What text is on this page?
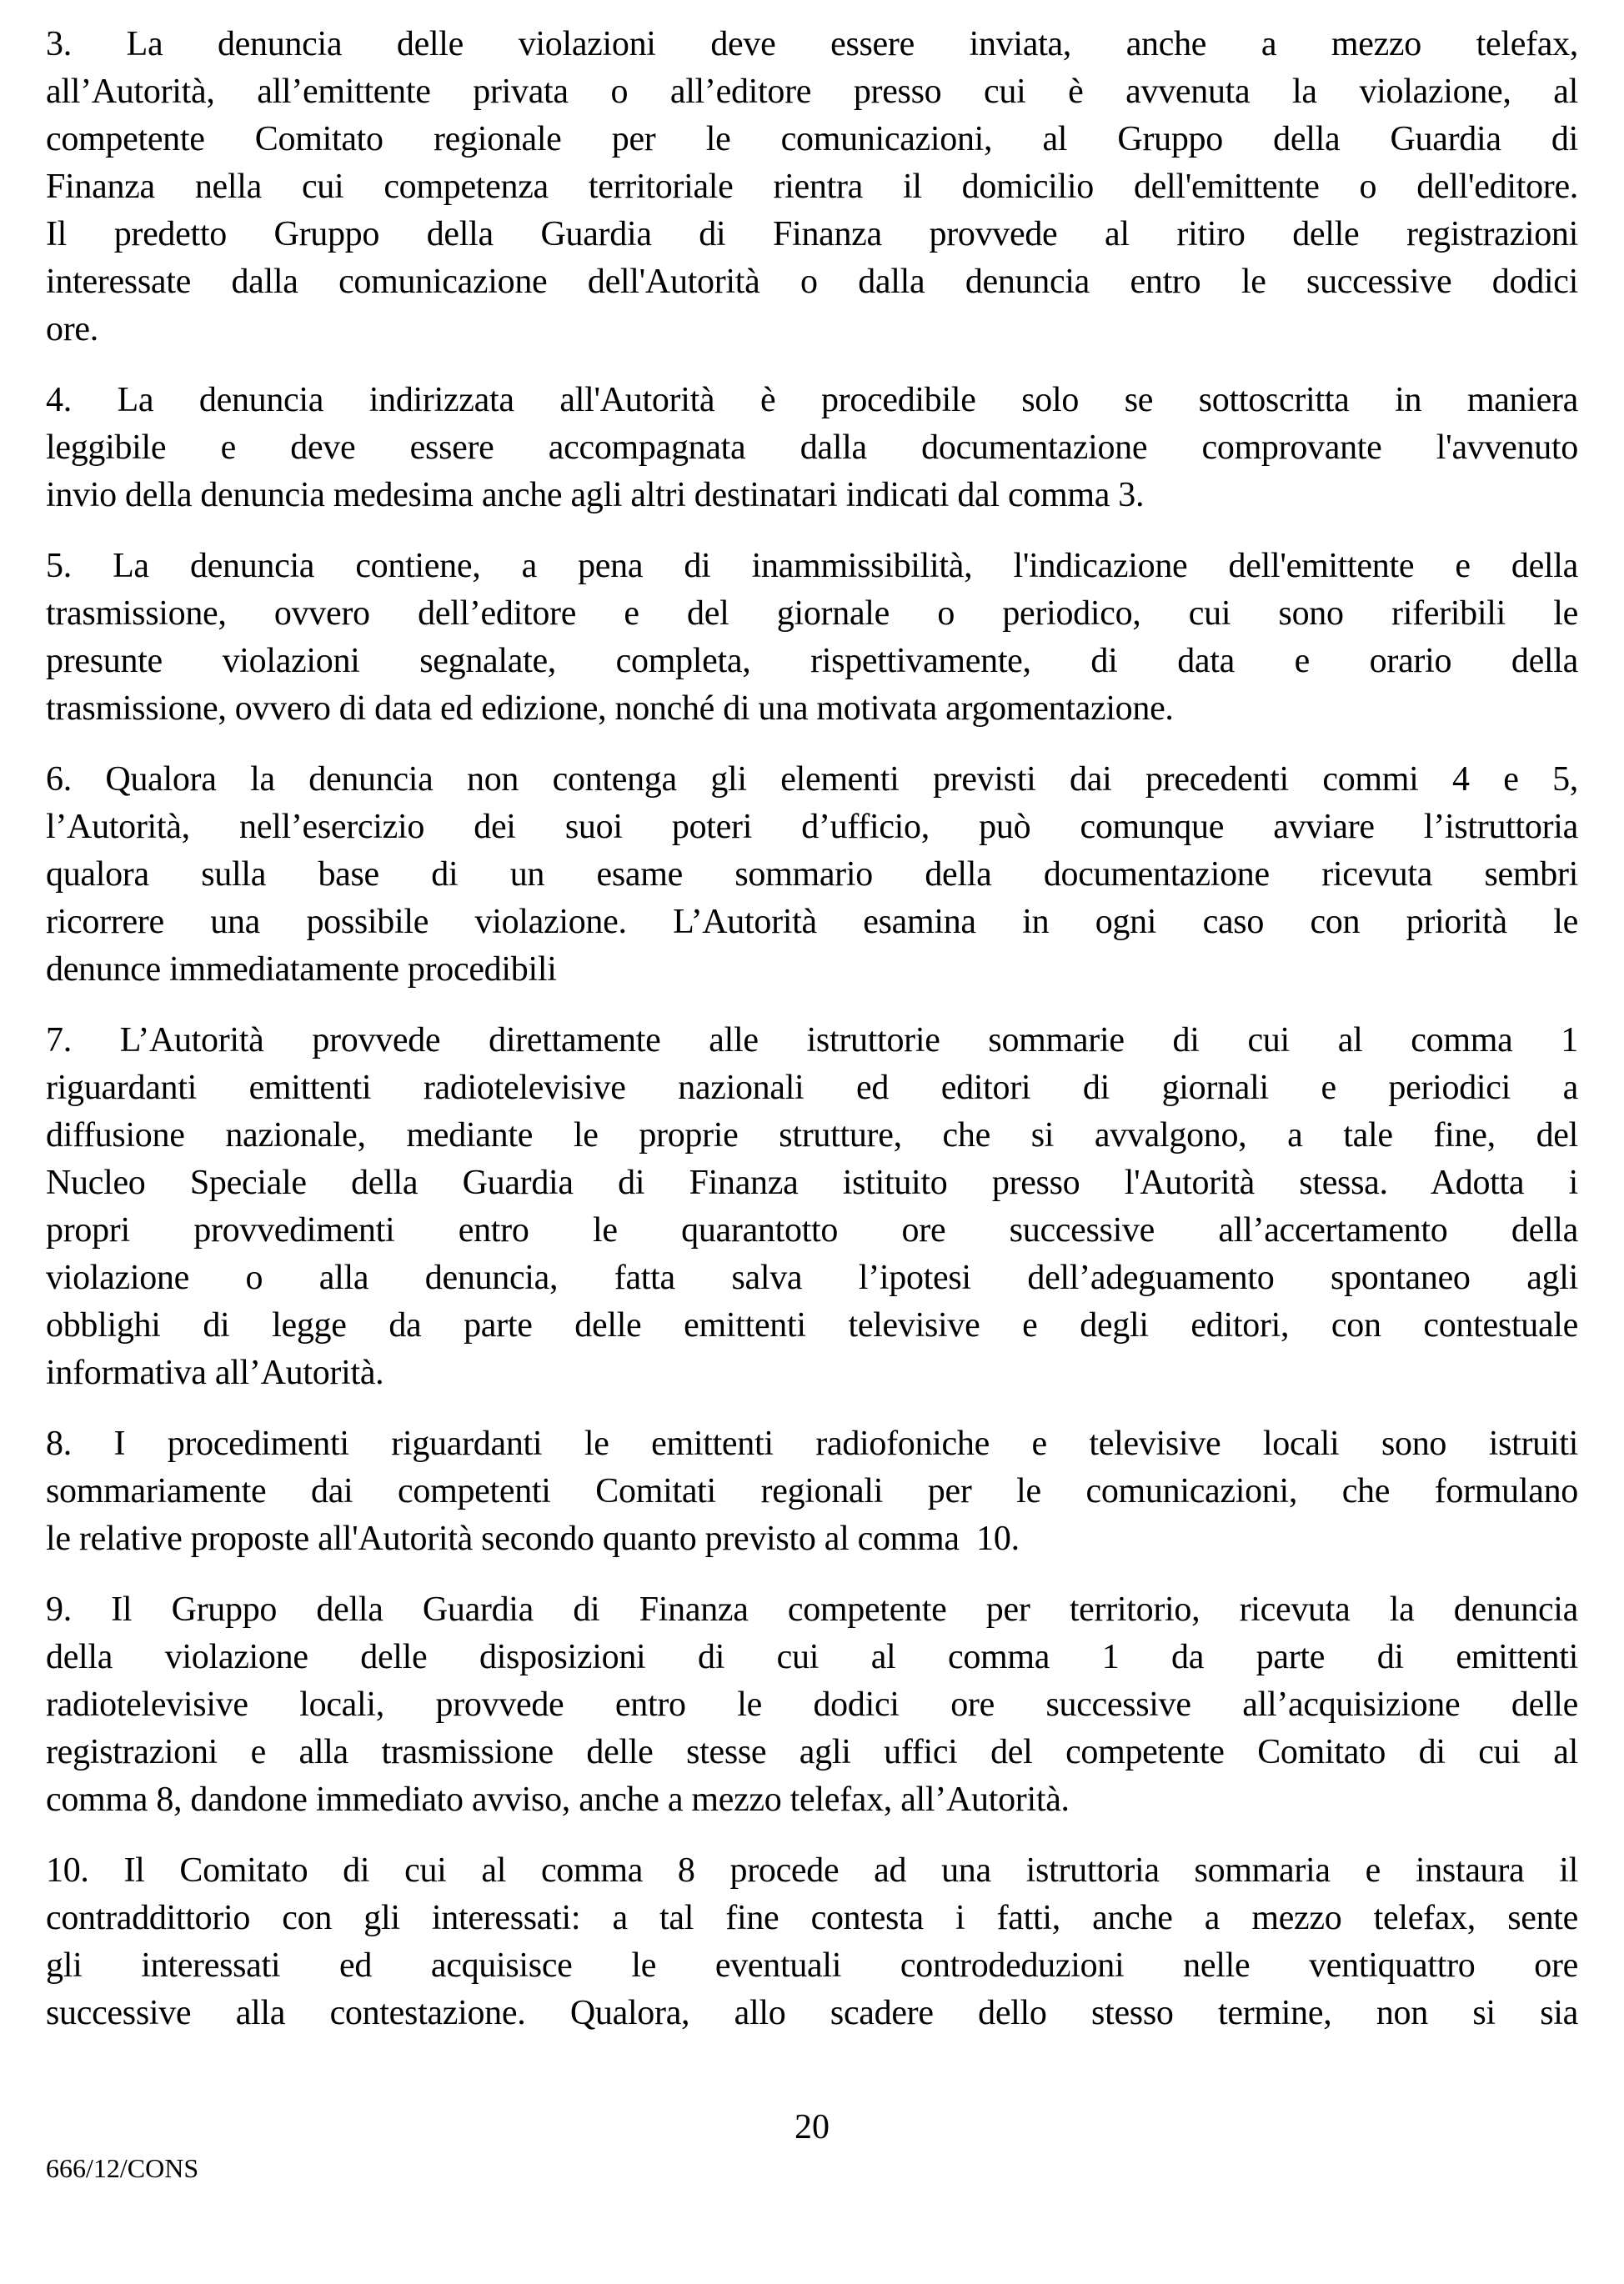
3. La denuncia delle violazioni deve essere inviata, anche a mezzo telefax,
all’Autorità, all’emittente privata o all’editore presso cui è avvenuta la violazione, al
competente Comitato regionale per le comunicazioni, al Gruppo della Guardia di
Finanza nella cui competenza territoriale rientra il domicilio dell'emittente o dell'editore.
Il predetto Gruppo della Guardia di Finanza provvede al ritiro delle registrazioni
interessate dalla comunicazione dell'Autorità o dalla denuncia entro le successive dodici
ore.

4. La denuncia indirizzata all'Autorità è procedibile solo se sottoscritta in maniera
leggibile e deve essere accompagnata dalla documentazione comprovante l'avvenuto
invio della denuncia medesima anche agli altri destinatari indicati dal comma 3.

5. La denuncia contiene, a pena di inammissibilità, l'indicazione dell'emittente e della
trasmissione, ovvero dell’editore e del giornale o periodico, cui sono riferibili le
presunte violazioni segnalate, completa, rispettivamente, di data e orario della
trasmissione, ovvero di data ed edizione, nonché di una motivata argomentazione.

6. Qualora la denuncia non contenga gli elementi previsti dai precedenti commi 4 e 5,
l’Autorità, nell’esercizio dei suoi poteri d’ufficio, può comunque avviare l’istruttoria
qualora sulla base di un esame sommario della documentazione ricevuta sembri
ricorrere una possibile violazione. L’Autorità esamina in ogni caso con priorità le
denunce immediatamente procedibili

7. L’Autorità provvede direttamente alle istruttorie sommarie di cui al comma 1
riguardanti emittenti radiotelevisive nazionali ed editori di giornali e periodici a
diffusione nazionale, mediante le proprie strutture, che si avvalgono, a tale fine, del
Nucleo Speciale della Guardia di Finanza istituito presso l'Autorità stessa. Adotta i
propri provvedimenti entro le quarantotto ore successive all’accertamento della
violazione o alla denuncia, fatta salva l’ipotesi dell’adeguamento spontaneo agli
obblighi di legge da parte delle emittenti televisive e degli editori, con contestuale
informativa all’Autorità.

8. I procedimenti riguardanti le emittenti radiofoniche e televisive locali sono istruiti
sommariamente dai competenti Comitati regionali per le comunicazioni, che formulano
le relative proposte all'Autorità secondo quanto previsto al comma  10.

9. Il Gruppo della Guardia di Finanza competente per territorio, ricevuta la denuncia
della violazione delle disposizioni di cui al comma 1 da parte di emittenti
radiotelevisive locali, provvede entro le dodici ore successive all’acquisizione delle
registrazioni e alla trasmissione delle stesse agli uffici del competente Comitato di cui al
comma 8, dandone immediato avviso, anche a mezzo telefax, all’Autorità.

10. Il Comitato di cui al comma 8 procede ad una istruttoria sommaria e instaura il
contraddittorio con gli interessati: a tal fine contesta i fatti, anche a mezzo telefax, sente
gli interessati ed acquisisce le eventuali controdeduzioni nelle ventiquattro ore
successive alla contestazione. Qualora, allo scadere dello stesso termine, non si sia

20
666/12/CONS
